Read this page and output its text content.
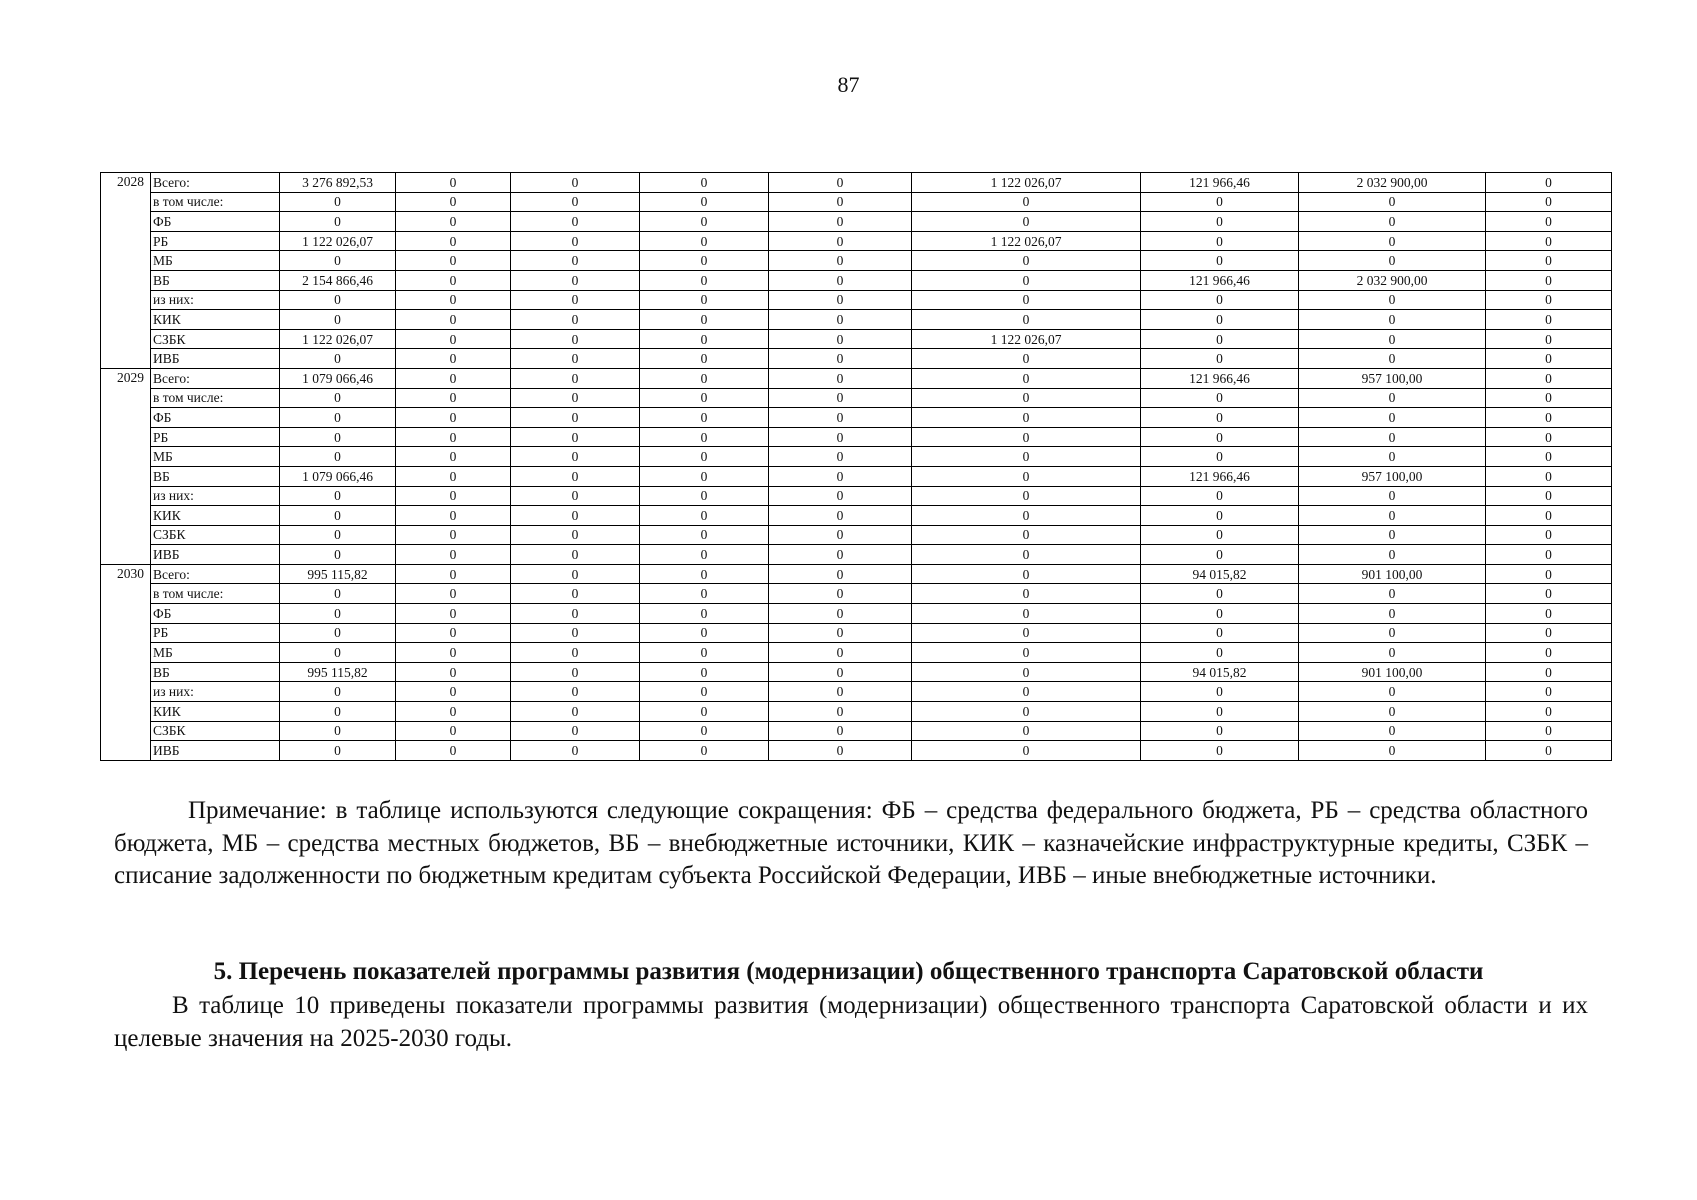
87
2028	Всего:	3 276 892,53	0	0	0	0	1 122 026,07	121 966,46	2 032 900,00	0
	в том числе:	0	0	0	0	0	0	0	0	0
	ФБ	0	0	0	0	0	0	0	0	0
	РБ	1 122 026,07	0	0	0	0	1 122 026,07	0	0	0
	МБ	0	0	0	0	0	0	0	0	0
	ВБ	2 154 866,46	0	0	0	0	0	121 966,46	2 032 900,00	0
	из них:	0	0	0	0	0	0	0	0	0
	КИК	0	0	0	0	0	0	0	0	0
	СЗБК	1 122 026,07	0	0	0	0	1 122 026,07	0	0	0
	ИВБ	0	0	0	0	0	0	0	0	0
2029	Всего:	1 079 066,46	0	0	0	0	0	121 966,46	957 100,00	0
	в том числе:	0	0	0	0	0	0	0	0	0
	ФБ	0	0	0	0	0	0	0	0	0
	РБ	0	0	0	0	0	0	0	0	0
	МБ	0	0	0	0	0	0	0	0	0
	ВБ	1 079 066,46	0	0	0	0	0	121 966,46	957 100,00	0
	из них:	0	0	0	0	0	0	0	0	0
	КИК	0	0	0	0	0	0	0	0	0
	СЗБК	0	0	0	0	0	0	0	0	0
	ИВБ	0	0	0	0	0	0	0	0	0
2030	Всего:	995 115,82	0	0	0	0	0	94 015,82	901 100,00	0
	в том числе:	0	0	0	0	0	0	0	0	0
	ФБ	0	0	0	0	0	0	0	0	0
	РБ	0	0	0	0	0	0	0	0	0
	МБ	0	0	0	0	0	0	0	0	0
	ВБ	995 115,82	0	0	0	0	0	94 015,82	901 100,00	0
	из них:	0	0	0	0	0	0	0	0	0
	КИК	0	0	0	0	0	0	0	0	0
	СЗБК	0	0	0	0	0	0	0	0	0
	ИВБ	0	0	0	0	0	0	0	0	0

Примечание: в таблице используются следующие сокращения: ФБ – средства федерального бюджета, РБ – средства областного бюджета, МБ – средства местных бюджетов, ВБ – внебюджетные источники, КИК – казначейские инфраструктурные кредиты, СЗБК – списание задолженности по бюджетным кредитам субъекта Российской Федерации, ИВБ – иные внебюджетные источники.

5. Перечень показателей программы развития (модернизации) общественного транспорта Саратовской области

В таблице 10 приведены показатели программы развития (модернизации) общественного транспорта Саратовской области и их целевые значения на 2025-2030 годы.
